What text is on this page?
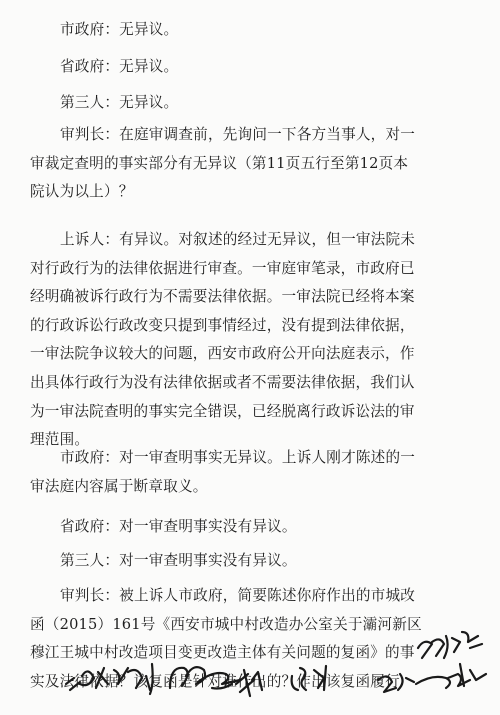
市政府：无异议。
省政府：无异议。
第三人：无异议。
审判长：在庭审调查前，先询问一下各方当事人，对一
审裁定查明的事实部分有无异议（第11页五行至第12页本
院认为以上）？
上诉人：有异议。对叙述的经过无异议，但一审法院未
对行政行为的法律依据进行审查。一审庭审笔录，市政府已
经明确被诉行政行为不需要法律依据。一审法院已经将本案
的行政诉讼行政改变只提到事情经过，没有提到法律依据，
一审法院争议较大的问题，西安市政府公开向法庭表示，作
出具体行政行为没有法律依据或者不需要法律依据，我们认
为一审法院查明的事实完全错误，已经脱离行政诉讼法的审
理范围。
市政府：对一审查明事实无异议。上诉人刚才陈述的一
审法庭内容属于断章取义。
省政府：对一审查明事实没有异议。
第三人：对一审查明事实没有异议。
审判长：被上诉人市政府，简要陈述你府作出的市城改
函（2015）161号《西安市城中村改造办公室关于灞河新区
穆江王城中村改造项目变更改造主体有关问题的复函》的事
实及法律依据？该复函是针对谁作出的？作出该复函履行
